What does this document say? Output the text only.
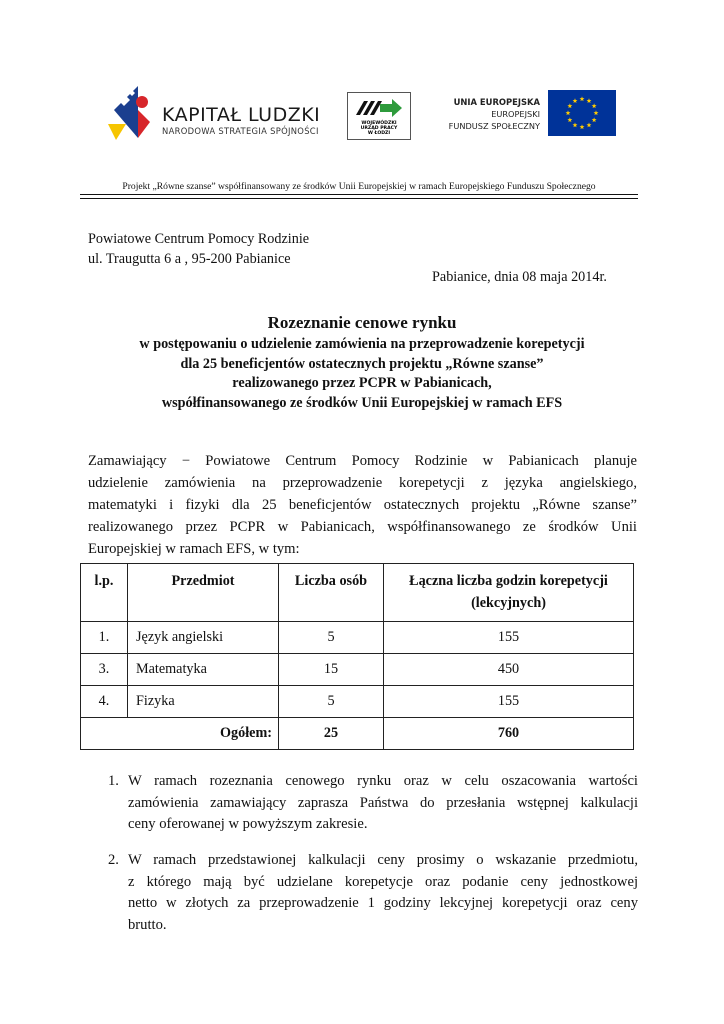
KAPITAŁ LUDZKI
NARODOWA STRATEGIA SPÓJNOŚCI
WOJEWÓDZKI
URZĄD PRACY
W ŁODZI
UNIA EUROPEJSKA
EUROPEJSKI
FUNDUSZ SPOŁECZNY
Projekt „Równe szanse” współfinansowany ze środków Unii Europejskiej w ramach Europejskiego Funduszu Społecznego
Powiatowe Centrum Pomocy Rodzinie
ul. Traugutta 6 a , 95-200 Pabianice
Pabianice, dnia 08 maja 2014r.
Rozeznanie cenowe rynku
w postępowaniu o udzielenie zamówienia na przeprowadzenie korepetycji
dla 25 beneficjentów ostatecznych projektu „Równe szanse”
realizowanego przez PCPR w Pabianicach,
współfinansowanego ze środków Unii Europejskiej w ramach EFS
Zamawiający − Powiatowe Centrum Pomocy Rodzinie w Pabianicach planuje
udzielenie zamówienia na przeprowadzenie korepetycji z języka angielskiego,
matematyki i fizyki dla 25 beneficjentów ostatecznych projektu „Równe szanse”
realizowanego przez PCPR w Pabianicach, współfinansowanego ze środków Unii
Europejskiej w ramach EFS, w tym:
l.p.	Przedmiot	Liczba osób	Łączna liczba godzin korepetycji
(lekcyjnych)
1.	Język angielski	5	155
3.	Matematyka	15	450
4.	Fizyka	5	155
Ogółem:		25	760
1. W ramach rozeznania cenowego rynku oraz w celu oszacowania wartości
zamówienia zamawiający zaprasza Państwa do przesłania wstępnej kalkulacji
ceny oferowanej w powyższym zakresie.
2. W ramach przedstawionej kalkulacji ceny prosimy o wskazanie przedmiotu,
z którego mają być udzielane korepetycje oraz podanie ceny jednostkowej
netto w złotych za przeprowadzenie 1 godziny lekcyjnej korepetycji oraz ceny
brutto.
